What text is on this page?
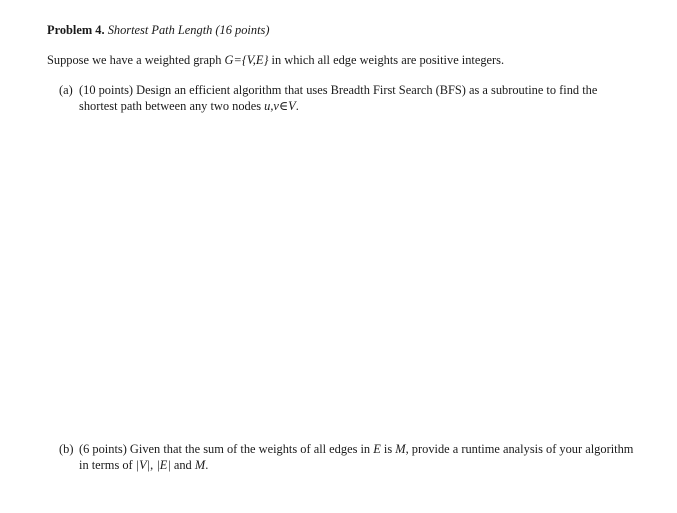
Problem 4. Shortest Path Length (16 points)
Suppose we have a weighted graph G={V,E} in which all edge weights are positive integers.
(a) (10 points) Design an efficient algorithm that uses Breadth First Search (BFS) as a subroutine to find the shortest path between any two nodes u,v∈V.
(b) (6 points) Given that the sum of the weights of all edges in E is M, provide a runtime analysis of your algorithm in terms of |V|, |E| and M.
